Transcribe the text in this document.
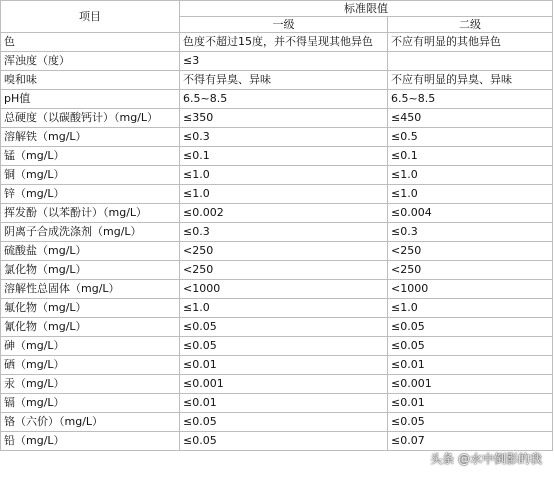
项目	标准限值	
	一级	二级
色	色度不超过15度，并不得呈现其他异色	不应有明显的其他异色
浑浊度（度）	≤3	
嗅和味	不得有异臭、异味	不应有明显的异臭、异味
pH值	6.5~8.5	6.5~8.5
总硬度（以碳酸钙计）（mg/L）	≤350	≤450
溶解铁（mg/L）	≤0.3	≤0.5
锰（mg/L）	≤0.1	≤0.1
铜（mg/L）	≤1.0	≤1.0
锌（mg/L）	≤1.0	≤1.0
挥发酚（以苯酚计）（mg/L）	≤0.002	≤0.004
阴离子合成洗涤剂（mg/L）	≤0.3	≤0.3
硫酸盐（mg/L）	<250	<250
氯化物（mg/L）	<250	<250
溶解性总固体（mg/L）	<1000	<1000
氟化物（mg/L）	≤1.0	≤1.0
氰化物（mg/L）	≤0.05	≤0.05
砷（mg/L）	≤0.05	≤0.05
硒（mg/L）	≤0.01	≤0.01
汞（mg/L）	≤0.001	≤0.001
镉（mg/L）	≤0.01	≤0.01
铬（六价）（mg/L）	≤0.05	≤0.05
铅（mg/L）	≤0.05	≤0.07
头条 @水中倒影的我
